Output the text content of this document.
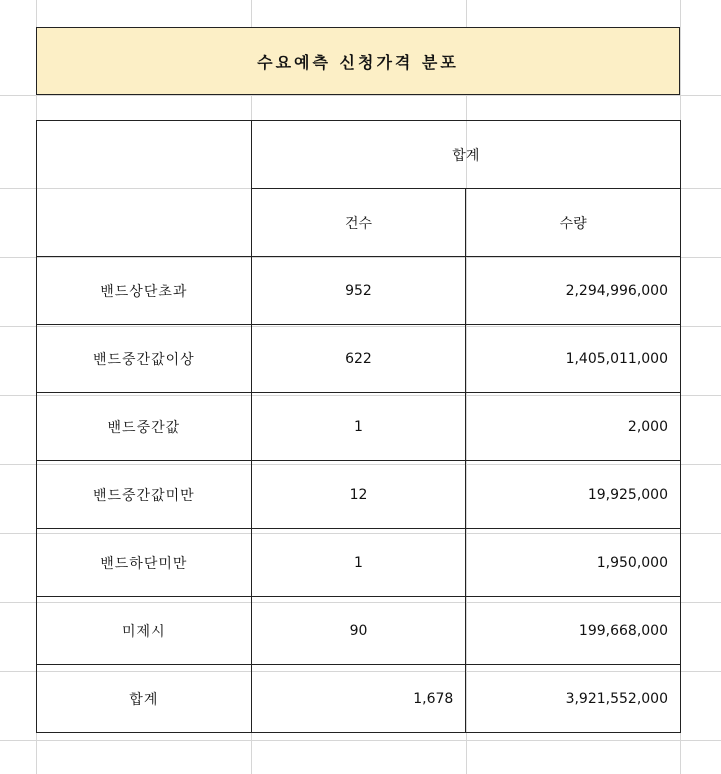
수요예측 신청가격 분포
	합계	
	건수	수량
밴드상단초과	952	2,294,996,000
밴드중간값이상	622	1,405,011,000
밴드중간값	1	2,000
밴드중간값미만	12	19,925,000
밴드하단미만	1	1,950,000
미제시	90	199,668,000
합계	1,678	3,921,552,000
